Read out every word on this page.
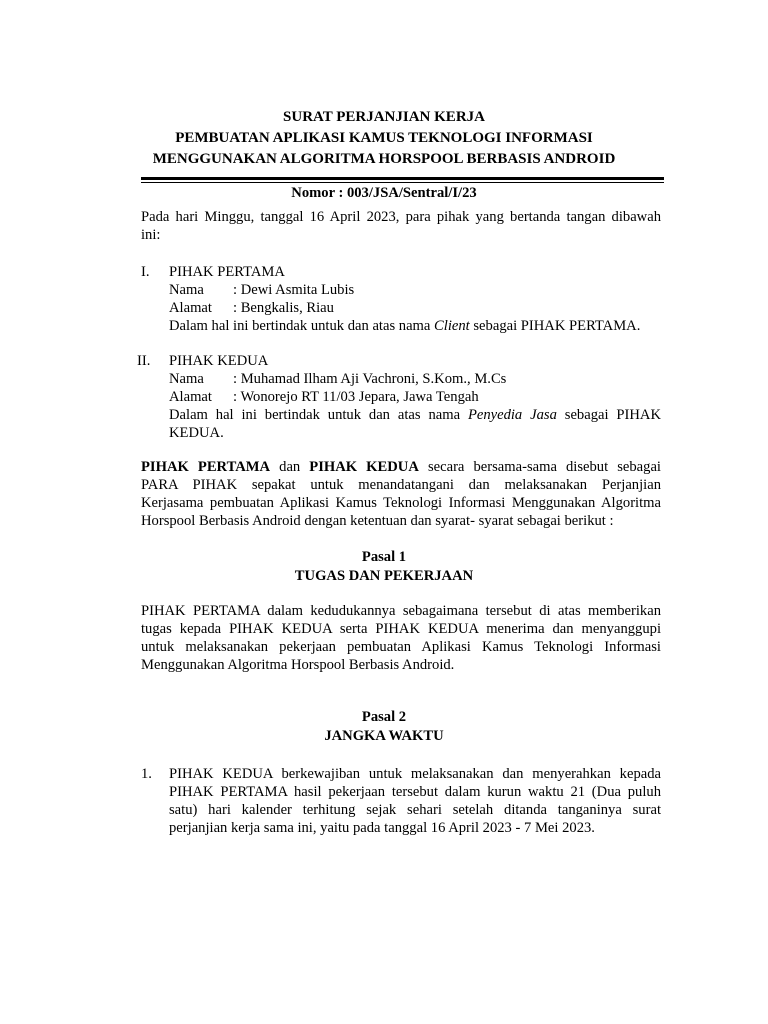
SURAT PERJANJIAN KERJA
PEMBUATAN APLIKASI KAMUS TEKNOLOGI INFORMASI
MENGGUNAKAN ALGORITMA HORSPOOL BERBASIS ANDROID
Nomor : 003/JSA/Sentral/I/23
Pada hari Minggu, tanggal 16 April 2023, para pihak yang bertanda tangan dibawah
ini:
I. PIHAK PERTAMA
Nama : Dewi Asmita Lubis
Alamat : Bengkalis, Riau
Dalam hal ini bertindak untuk dan atas nama Client sebagai PIHAK PERTAMA.
II. PIHAK KEDUA
Nama : Muhamad Ilham Aji Vachroni, S.Kom., M.Cs
Alamat : Wonorejo RT 11/03 Jepara, Jawa Tengah
Dalam hal ini bertindak untuk dan atas nama Penyedia Jasa sebagai PIHAK
KEDUA.
PIHAK PERTAMA dan PIHAK KEDUA secara bersama-sama disebut sebagai
PARA PIHAK sepakat untuk menandatangani dan melaksanakan Perjanjian
Kerjasama pembuatan Aplikasi Kamus Teknologi Informasi Menggunakan Algoritma
Horspool Berbasis Android dengan ketentuan dan syarat- syarat sebagai berikut :
Pasal 1
TUGAS DAN PEKERJAAN
PIHAK PERTAMA dalam kedudukannya sebagaimana tersebut di atas memberikan
tugas kepada PIHAK KEDUA serta PIHAK KEDUA menerima dan menyanggupi
untuk melaksanakan pekerjaan pembuatan Aplikasi Kamus Teknologi Informasi
Menggunakan Algoritma Horspool Berbasis Android.
Pasal 2
JANGKA WAKTU
1. PIHAK KEDUA berkewajiban untuk melaksanakan dan menyerahkan kepada
PIHAK PERTAMA hasil pekerjaan tersebut dalam kurun waktu 21 (Dua puluh
satu) hari kalender terhitung sejak sehari setelah ditanda tanganinya surat
perjanjian kerja sama ini, yaitu pada tanggal 16 April 2023 - 7 Mei 2023.
